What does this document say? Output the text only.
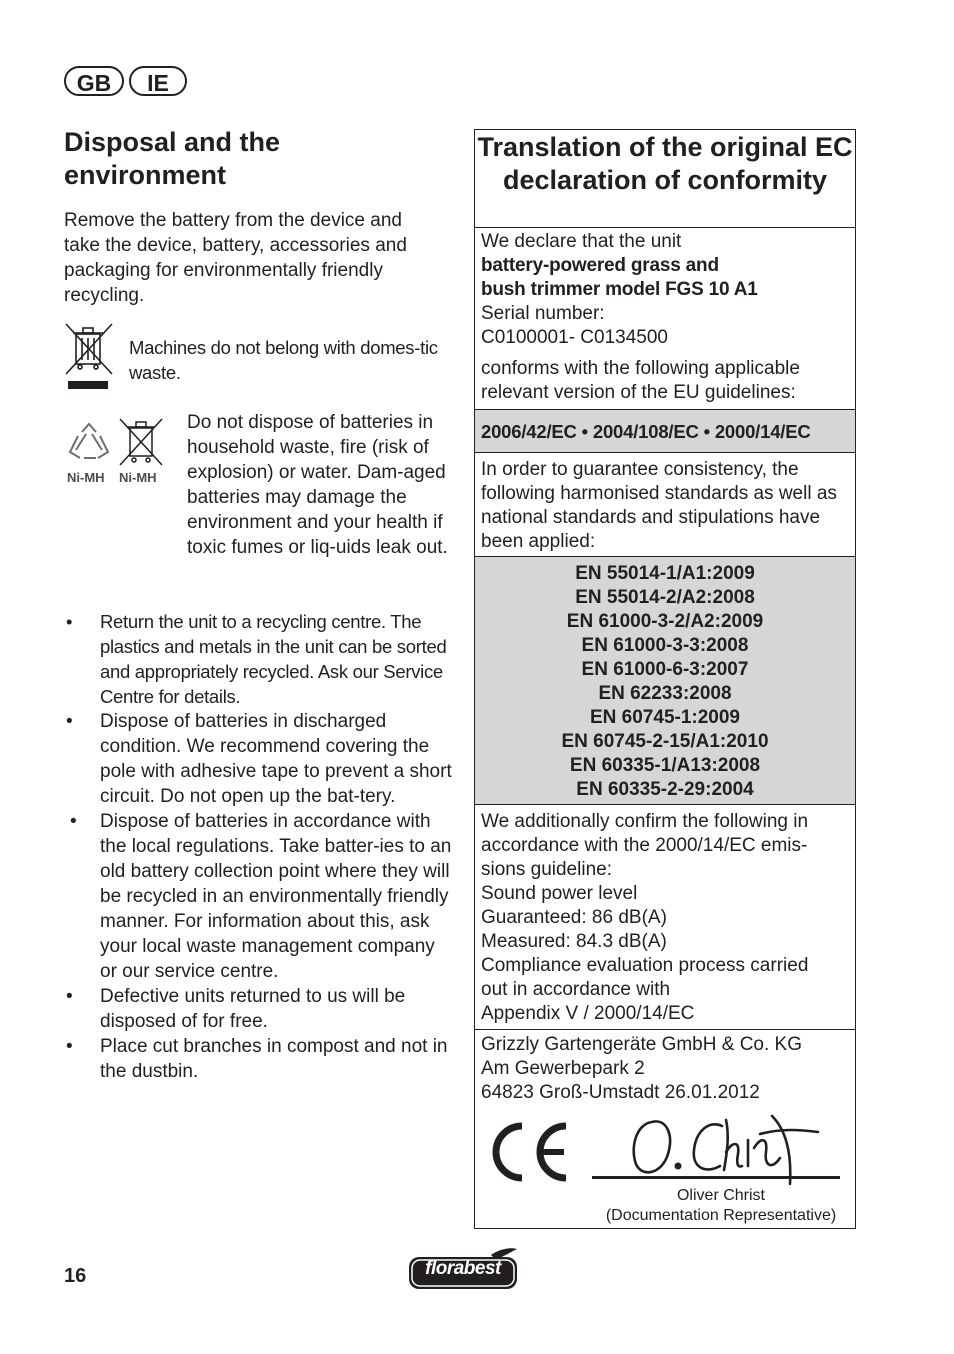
GB	IE
Disposal and the environment

Remove the battery from the device and take the device, battery, accessories and packaging for environmentally friendly recycling.

Machines do not belong with domes-tic waste.

Ni-MH Ni-MH

Do not dispose of batteries in household waste, fire (risk of explosion) or water. Dam-aged batteries may damage the environment and your health if toxic fumes or liq-uids leak out.

• Return the unit to a recycling centre. The plastics and metals in the unit can be sorted and appropriately recycled. Ask our Service Centre for details.
• Dispose of batteries in discharged condition. We recommend covering the pole with adhesive tape to prevent a short circuit. Do not open up the bat-tery.
• Dispose of batteries in accordance with the local regulations. Take batter-ies to an old battery collection point where they will be recycled in an environmentally friendly manner. For information about this, ask your local waste management company or our service centre.
• Defective units returned to us will be disposed of for free.
• Place cut branches in compost and not in the dustbin.
Translation of the original EC declaration of conformity
We declare that the unit
battery-powered grass and
bush trimmer model FGS 10 A1
Serial number:
C0100001- C0134500
conforms with the following applicable relevant version of the EU guidelines:
2006/42/EC • 2004/108/EC • 2000/14/EC
In order to guarantee consistency, the following harmonised standards as well as national standards and stipulations have been applied:
EN 55014-1/A1:2009
EN 55014-2/A2:2008
EN 61000-3-2/A2:2009
EN 61000-3-3:2008
EN 61000-6-3:2007
EN 62233:2008
EN 60745-1:2009
EN 60745-2-15/A1:2010
EN 60335-1/A13:2008
EN 60335-2-29:2004
We additionally confirm the following in
accordance with the 2000/14/EC emis-
sions guideline:
Sound power level
Guaranteed: 86 dB(A)
Measured: 84.3 dB(A)
Compliance evaluation process carried
out in accordance with
Appendix V / 2000/14/EC
Grizzly Gartengeräte GmbH & Co. KG
Am Gewerbepark 2
64823 Groß-Umstadt 26.01.2012
Oliver Christ
(Documentation Representative)
16	florabest
